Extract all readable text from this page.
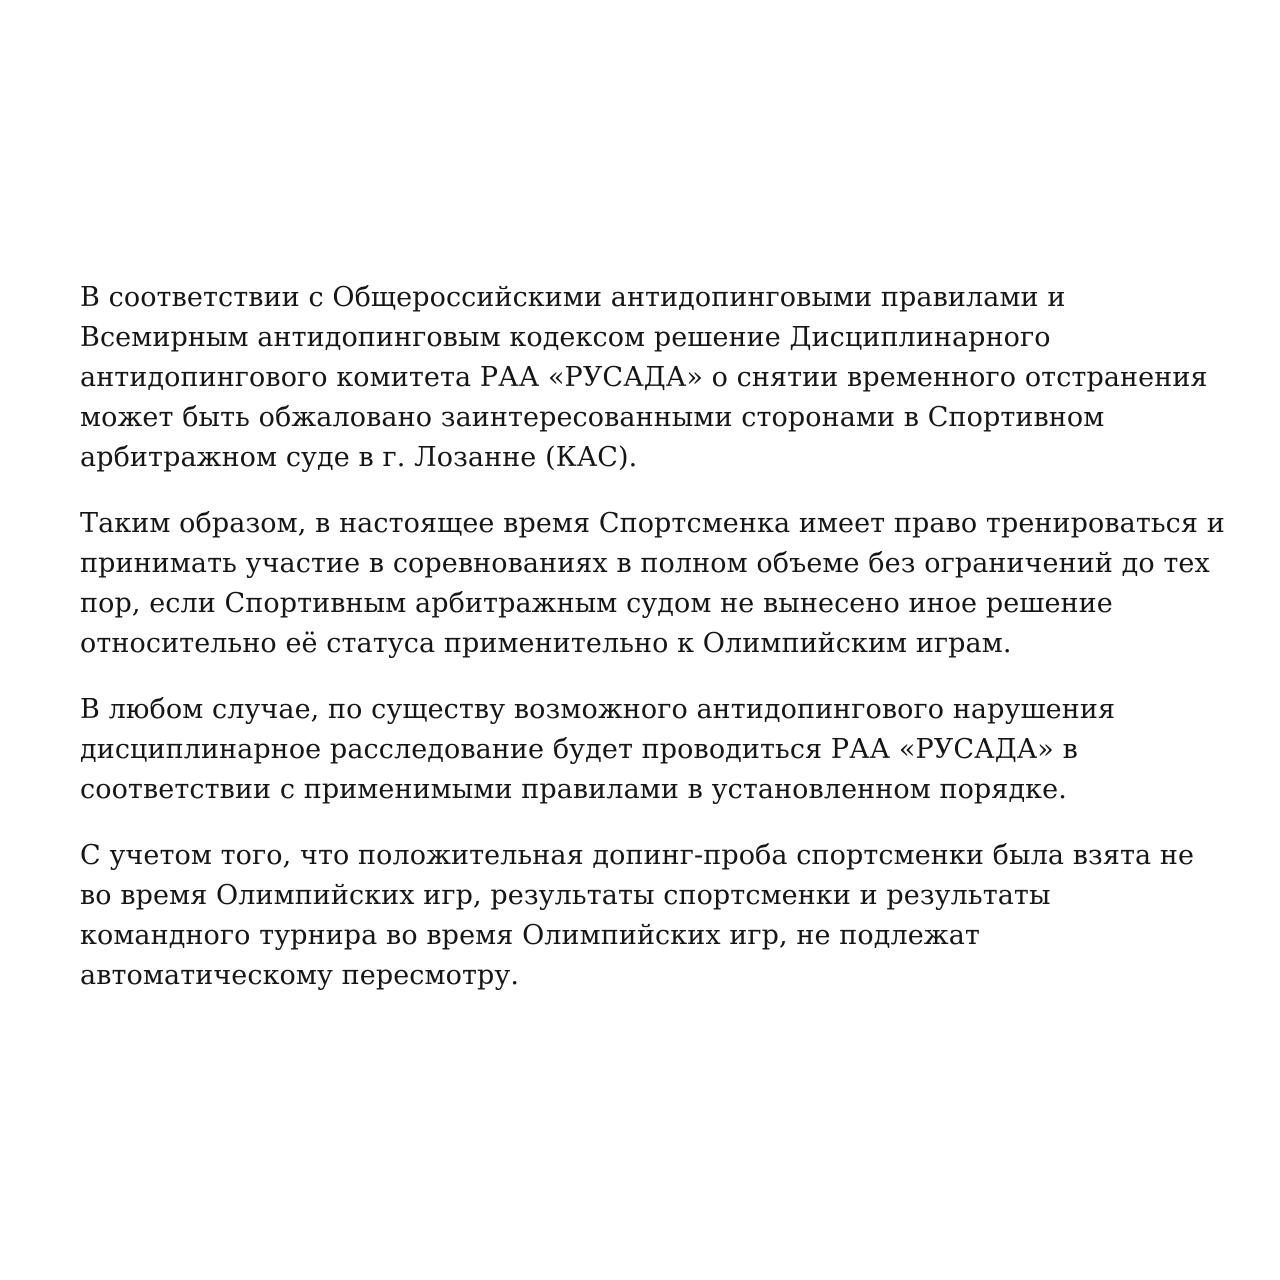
В соответствии с Общероссийскими антидопинговыми правилами и
Всемирным антидопинговым кодексом решение Дисциплинарного
антидопингового комитета РАА «РУСАДА» о снятии временного отстранения
может быть обжаловано заинтересованными сторонами в Спортивном
арбитражном суде в г. Лозанне (КАС).

Таким образом, в настоящее время Спортсменка имеет право тренироваться и
принимать участие в соревнованиях в полном объеме без ограничений до тех
пор, если Спортивным арбитражным судом не вынесено иное решение
относительно её статуса применительно к Олимпийским играм.

В любом случае, по существу возможного антидопингового нарушения
дисциплинарное расследование будет проводиться РАА «РУСАДА» в
соответствии с применимыми правилами в установленном порядке.

С учетом того, что положительная допинг-проба спортсменки была взята не
во время Олимпийских игр, результаты спортсменки и результаты
командного турнира во время Олимпийских игр, не подлежат
автоматическому пересмотру.
